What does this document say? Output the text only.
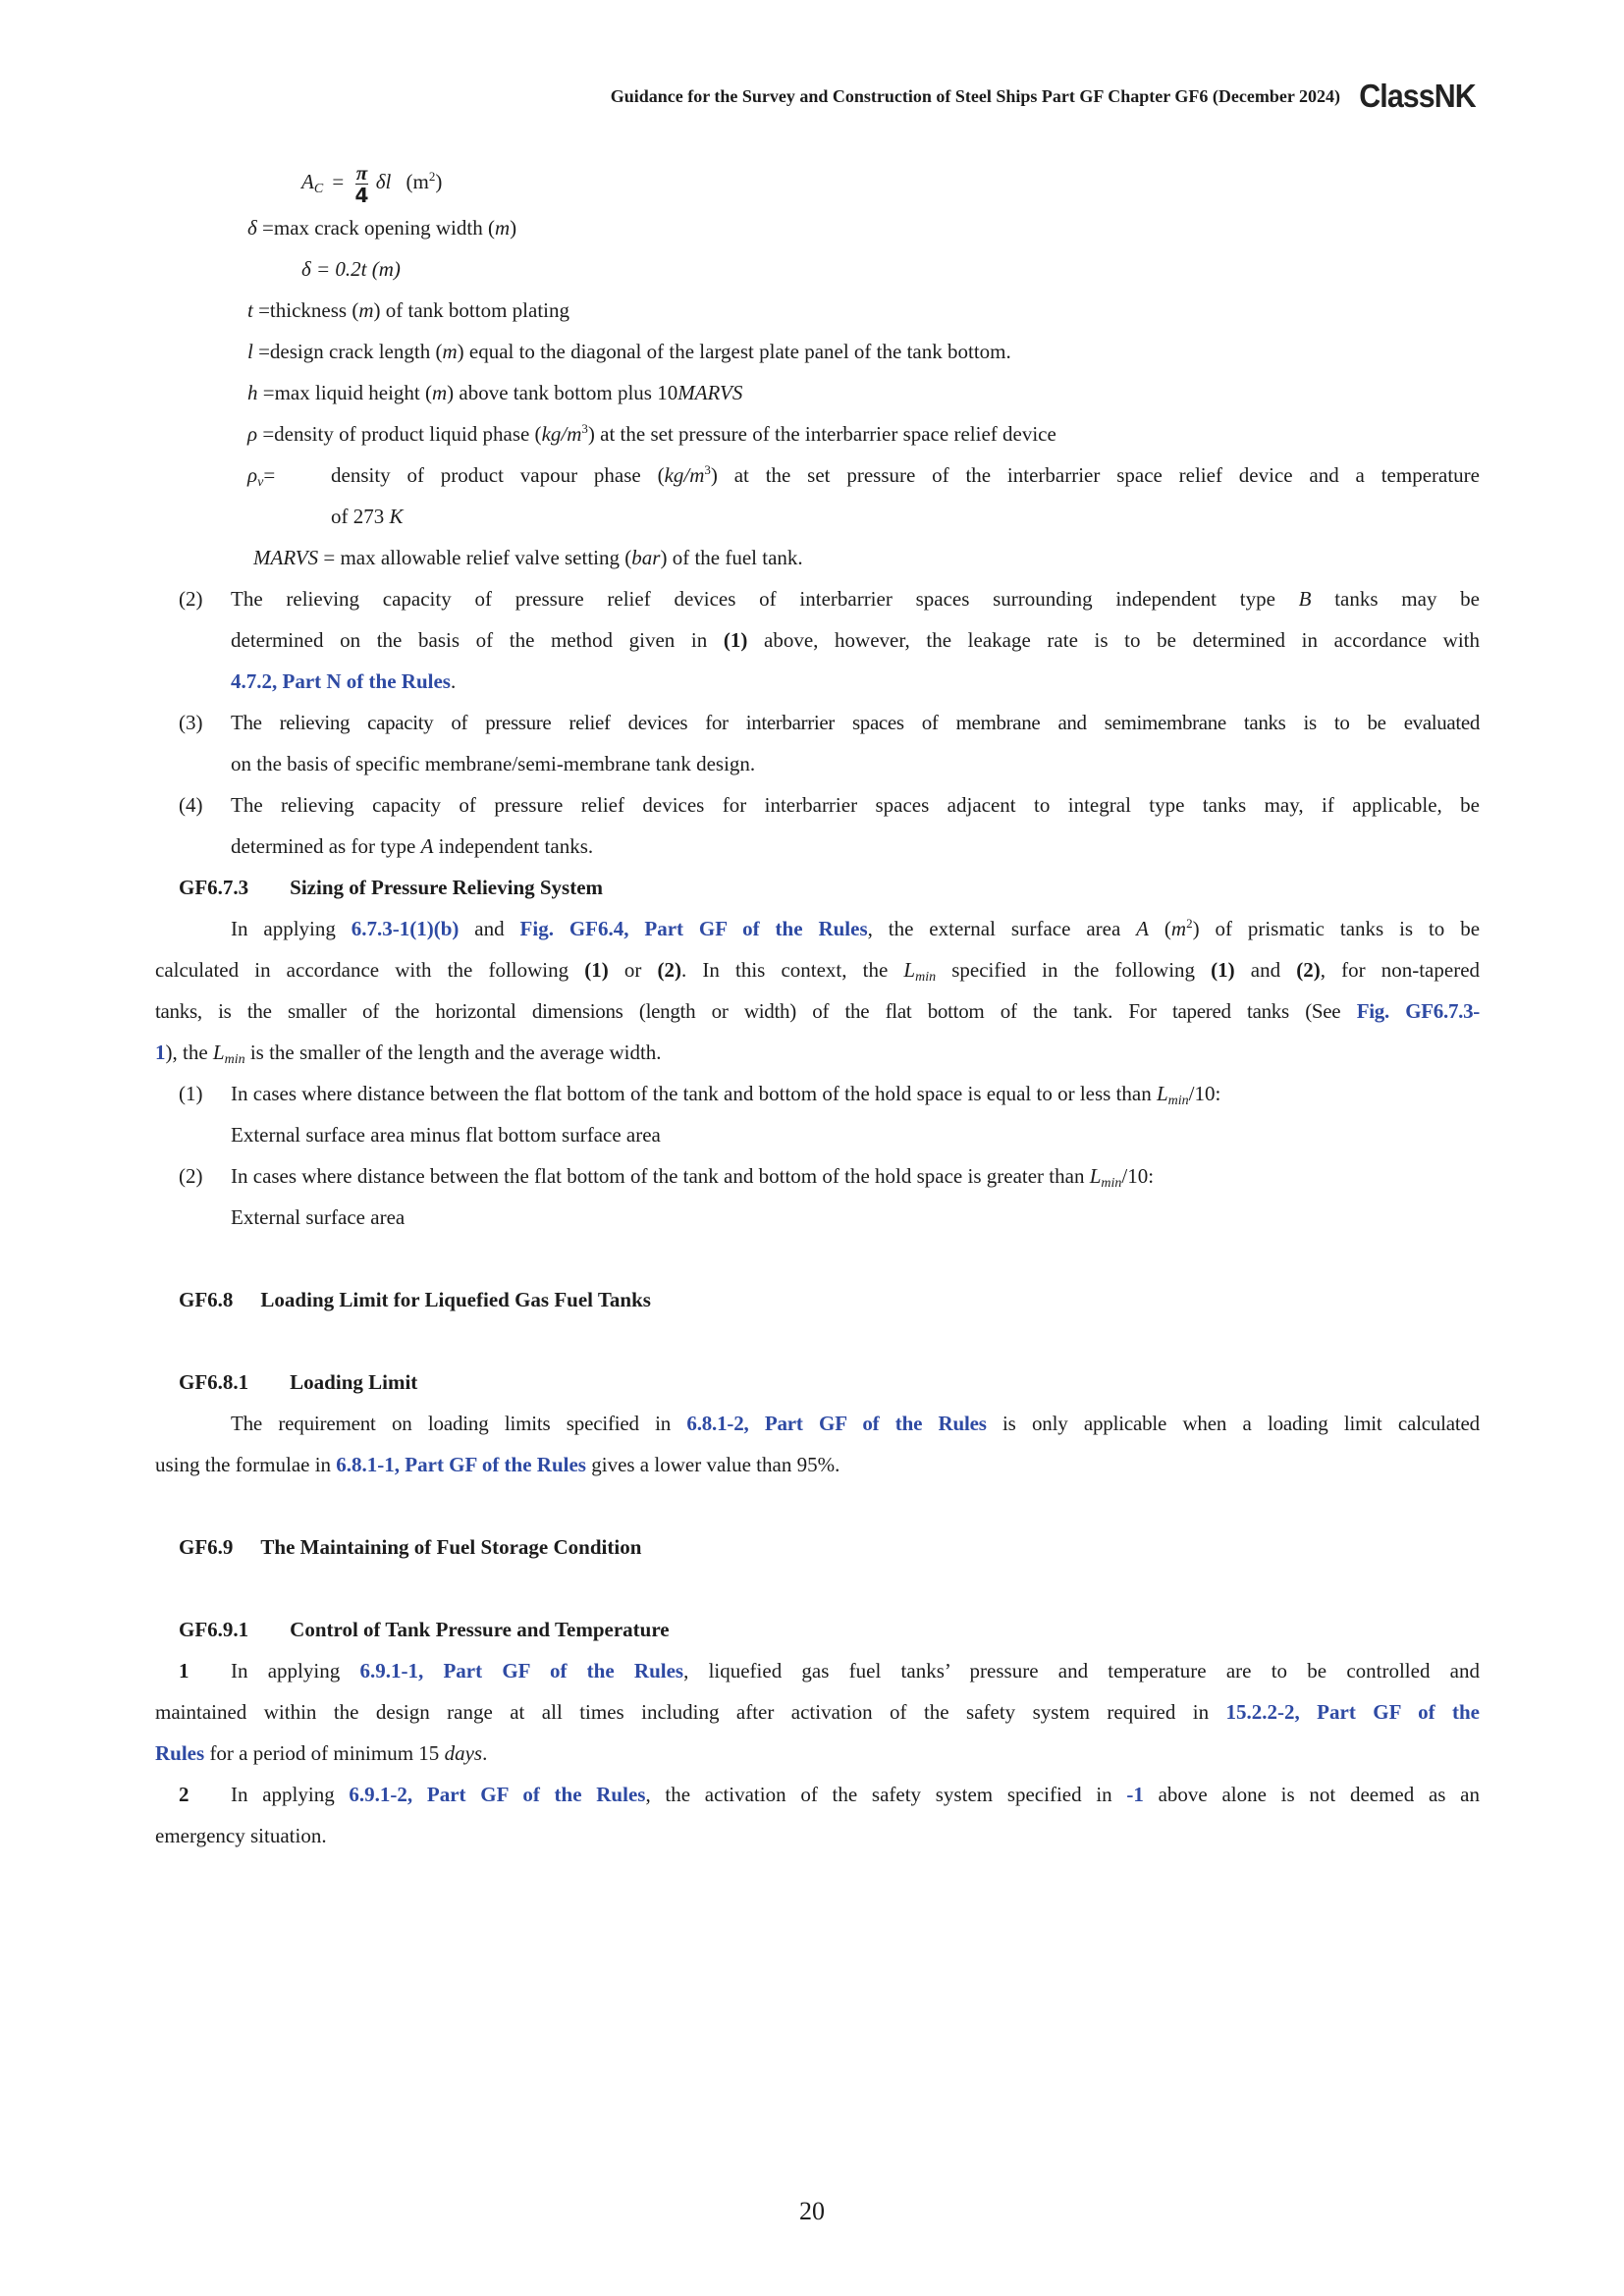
Guidance for the Survey and Construction of Steel Ships Part GF Chapter GF6 (December 2024) ClassNK
$A_C = \frac{\pi}{4}$ δl $(m^2)$
δ =max crack opening width (m)
δ = 0.2t (m)
t =thickness (m) of tank bottom plating
l =design crack length (m) equal to the diagonal of the largest plate panel of the tank bottom.
h =max liquid height (m) above tank bottom plus 10MARVS
ρ =density of product liquid phase $(kg/m^3)$ at the set pressure of the interbarrier space relief device
$\rho_v=$	density of product vapour phase $(kg/m^3)$ at the set pressure of the interbarrier space relief device and a temperature
of 273 K
MARVS = max allowable relief valve setting (bar) of the fuel tank.
(2) The relieving capacity of pressure relief devices of interbarrier spaces surrounding independent type B tanks may be
determined on the basis of the method given in (1) above, however, the leakage rate is to be determined in accordance with
4.7.2, Part N of the Rules.
(3) The relieving capacity of pressure relief devices for interbarrier spaces of membrane and semimembrane tanks is to be evaluated
on the basis of specific membrane/semi-membrane tank design.
(4) The relieving capacity of pressure relief devices for interbarrier spaces adjacent to integral type tanks may, if applicable, be
determined as for type A independent tanks.
GF6.7.3 Sizing of Pressure Relieving System
In applying 6.7.3-1(1)(b) and Fig. GF6.4, Part GF of the Rules, the external surface area A $(m^2)$ of prismatic tanks is to be
calculated in accordance with the following (1) or (2). In this context, the $L_{min}$ specified in the following (1) and (2), for non-tapered
tanks, is the smaller of the horizontal dimensions (length or width) of the flat bottom of the tank. For tapered tanks (See Fig. GF6.7.3-
1), the $L_{min}$ is the smaller of the length and the average width.
(1) In cases where distance between the flat bottom of the tank and bottom of the hold space is equal to or less than $L_{min}/10$:
External surface area minus flat bottom surface area
(2) In cases where distance between the flat bottom of the tank and bottom of the hold space is greater than $L_{min}/10$:
External surface area
GF6.8 Loading Limit for Liquefied Gas Fuel Tanks
GF6.8.1 Loading Limit
The requirement on loading limits specified in 6.8.1-2, Part GF of the Rules is only applicable when a loading limit calculated
using the formulae in 6.8.1-1, Part GF of the Rules gives a lower value than 95%.
GF6.9 The Maintaining of Fuel Storage Condition
GF6.9.1 Control of Tank Pressure and Temperature
1 In applying 6.9.1-1, Part GF of the Rules, liquefied gas fuel tanks’ pressure and temperature are to be controlled and
maintained within the design range at all times including after activation of the safety system required in 15.2.2-2, Part GF of the
Rules for a period of minimum 15 days.
2 In applying 6.9.1-2, Part GF of the Rules, the activation of the safety system specified in -1 above alone is not deemed as an
emergency situation.
20
